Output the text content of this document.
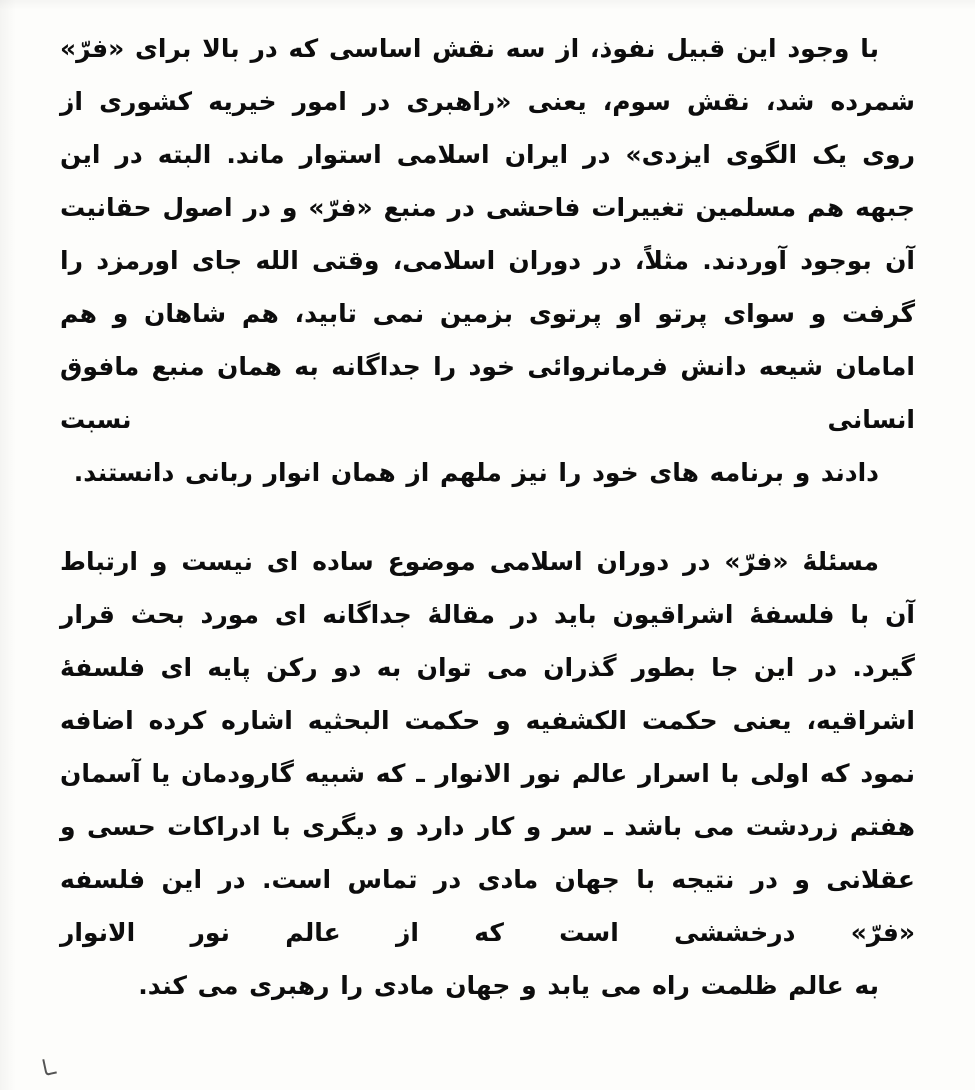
با وجود این قبیل نفوذ، از سه نقش اساسی که در بالا برای «فرّ» شمرده شد، نقش سوم، یعنی «راهبری در امور خیریه کشوری از روی یک الگوی ایزدی» در ایران اسلامی استوار ماند. البته در این جبهه هم مسلمین تغییرات فاحشی در منبع «فرّ» و در اصول حقانیت آن بوجود آوردند. مثلاً، در دوران اسلامی، وقتی الله جای اورمزد را گرفت و سوای پرتو او پرتوی بزمین نمی تابید، هم شاهان و هم امامان شیعه دانش فرمانروائی خود را جداگانه به همان منبع مافوق انسانی نسبت
دادند و برنامه های خود را نیز ملهم از همان انوار ربانی دانستند.

مسئلهٔ «فرّ» در دوران اسلامی موضوع ساده ای نیست و ارتباط آن با فلسفهٔ اشراقیون باید در مقالهٔ جداگانه ای مورد بحث قرار گیرد. در این جا بطور گذران می توان به دو رکن پایه ای فلسفهٔ اشراقیه، یعنی حکمت الکشفیه و حکمت البحثیه اشاره کرده اضافه نمود که اولی با اسرار عالم نور الانوار ـ که شبیه گارودمان یا آسمان هفتم زردشت می باشد ـ سر و کار دارد و دیگری با ادراکات حسی و عقلانی و در نتیجه با جهان مادی در تماس است. در این فلسفه «فرّ» درخششی است که از عالم نور الانوار
به عالم ظلمت راه می یابد و جهان مادی را رهبری می کند.

ـا
